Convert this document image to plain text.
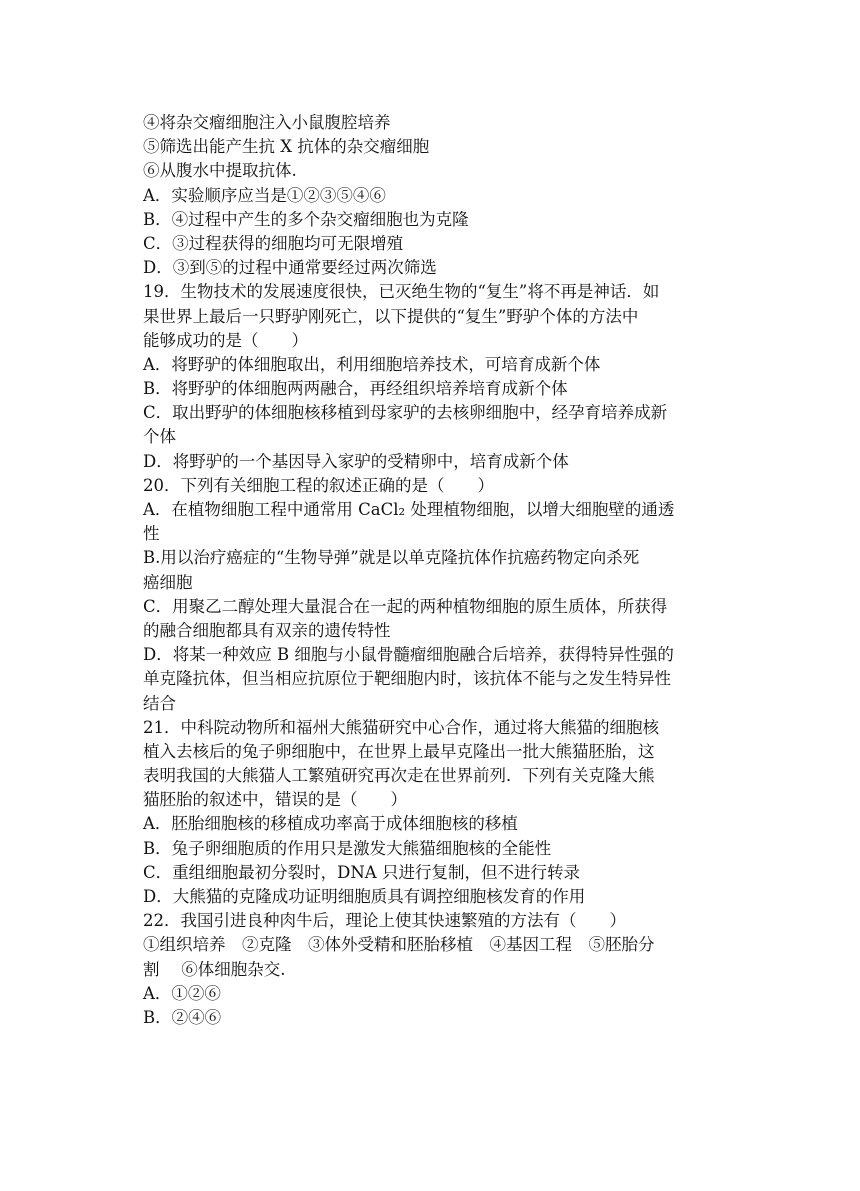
④将杂交瘤细胞注入小鼠腹腔培养
⑤筛选出能产生抗 X 抗体的杂交瘤细胞
⑥从腹水中提取抗体.
A．实验顺序应当是①②③⑤④⑥
B．④过程中产生的多个杂交瘤细胞也为克隆
C．③过程获得的细胞均可无限增殖
D．③到⑤的过程中通常要经过两次筛选
19．生物技术的发展速度很快，已灭绝生物的“复生”将不再是神话．如
果世界上最后一只野驴刚死亡，以下提供的“复生”野驴个体的方法中
能够成功的是（　　）
A．将野驴的体细胞取出，利用细胞培养技术，可培育成新个体
B．将野驴的体细胞两两融合，再经组织培养培育成新个体
C．取出野驴的体细胞核移植到母家驴的去核卵细胞中，经孕育培养成新
个体
D．将野驴的一个基因导入家驴的受精卵中，培育成新个体
20．下列有关细胞工程的叙述正确的是（　　）
A．在植物细胞工程中通常用 CaCl₂ 处理植物细胞，以增大细胞壁的通透
性
B.用以治疗癌症的“生物导弹”就是以单克隆抗体作抗癌药物定向杀死
癌细胞
C．用聚乙二醇处理大量混合在一起的两种植物细胞的原生质体，所获得
的融合细胞都具有双亲的遗传特性
D．将某一种效应 B 细胞与小鼠骨髓瘤细胞融合后培养，获得特异性强的
单克隆抗体，但当相应抗原位于靶细胞内时，该抗体不能与之发生特异性
结合
21．中科院动物所和福州大熊猫研究中心合作，通过将大熊猫的细胞核
植入去核后的兔子卵细胞中，在世界上最早克隆出一批大熊猫胚胎，这
表明我国的大熊猫人工繁殖研究再次走在世界前列．下列有关克隆大熊
猫胚胎的叙述中，错误的是（　　）
A．胚胎细胞核的移植成功率高于成体细胞核的移植
B．兔子卵细胞质的作用只是激发大熊猫细胞核的全能性
C．重组细胞最初分裂时，DNA 只进行复制，但不进行转录
D．大熊猫的克隆成功证明细胞质具有调控细胞核发育的作用
22．我国引进良种肉牛后，理论上使其快速繁殖的方法有（　　）
①组织培养　②克隆　③体外受精和胚胎移植　④基因工程　⑤胚胎分
割　 ⑥体细胞杂交.
A．①②⑥
B．②④⑥
